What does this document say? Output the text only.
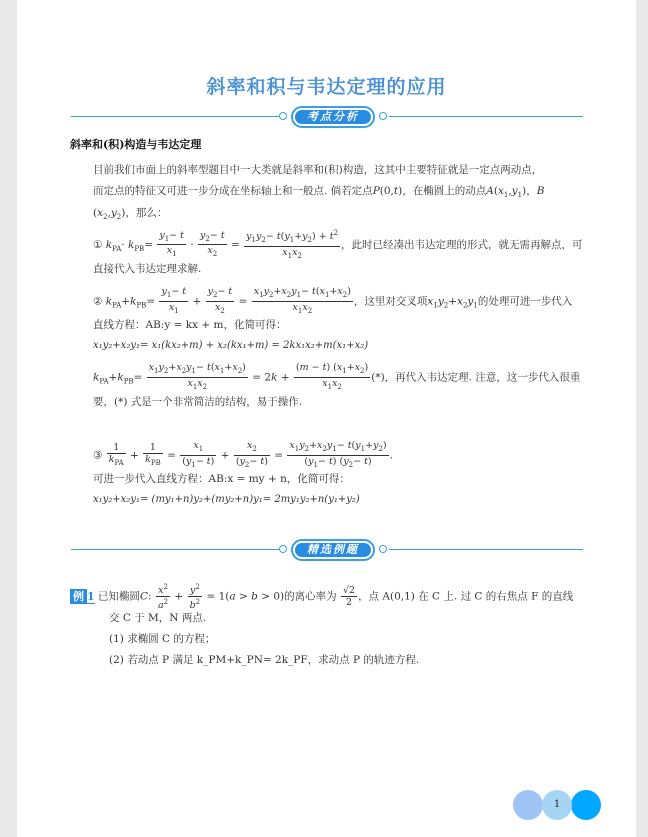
斜率和积与韦达定理的应用
考点分析
斜率和(积)构造与韦达定理
目前我们市面上的斜率型题目中一大类就是斜率和(积)构造，这其中主要特征就是一定点两动点，
而定点的特征又可进一步分成在坐标轴上和一般点. 倘若定点P(0,t)，在椭圆上的动点$A(x_1,y_1)$，B
$(x_2,y_2)$，那么：
① $k_{PA}\cdot k_{PB}= \frac{y_1- t}{x_1} \cdot \frac{y_2- t}{x_2} = \frac{y_1y_2- t(y_1+y_2) + t^2}{x_1x_2}$ ，此时已经凑出韦达定理的形式，就无需再解点，可
直接代入韦达定理求解.
② $k_{PA}+k_{PB}= \frac{y_1- t}{x_1} + \frac{y_2- t}{x_2} = \frac{x_1y_2+x_2y_1- t(x_1+x_2)}{x_1x_2}$ ，这里对交叉项$x_1y_2+x_2y_1$的处理可进一步代入
直线方程：AB:y = kx + m，化简可得：
x₁y₂+x₂y₁= x₁(kx₂+m) + x₂(kx₁+m) = 2kx₁x₂+m(x₁+x₂)
$k_{PA}+k_{PB}= \frac{x_1y_2+x_2y_1- t(x_1+x_2)}{x_1x_2} = 2k + \frac{(m - t) (x_1+x_2)}{x_1x_2}$ (*)，再代入韦达定理. 注意，这一步代入很重
要，(*) 式是一个非常简洁的结构，易于操作.
③ $\frac{1}{k_{PA}} + \frac{1}{k_{PB}} = \frac{x_1}{(y_1- t)} + \frac{x_2}{(y_2- t)} = \frac{x_1y_2+x_2y_1- t(y_1+y_2)}{(y_1- t) (y_2- t)}$ .
可进一步代入直线方程：AB:x = my + n，化简可得：
x₁y₂+x₂y₁= (my₁+n)y₂+(my₂+n)y₁= 2my₁y₂+n(y₁+y₂)
精选例题
例 1 已知椭圆C: $\frac{x^2}{a^2} + \frac{y^2}{b^2} = 1(a > b > 0)$的离心率为 $\frac{√2}{2}$ ，点 A(0,1) 在 C 上. 过 C 的右焦点 F 的直线
交 C 于 M，N 两点.
(1) 求椭圆 C 的方程；
(2) 若动点 P 满足 k_PM+k_PN= 2k_PF，求动点 P 的轨迹方程.
1
